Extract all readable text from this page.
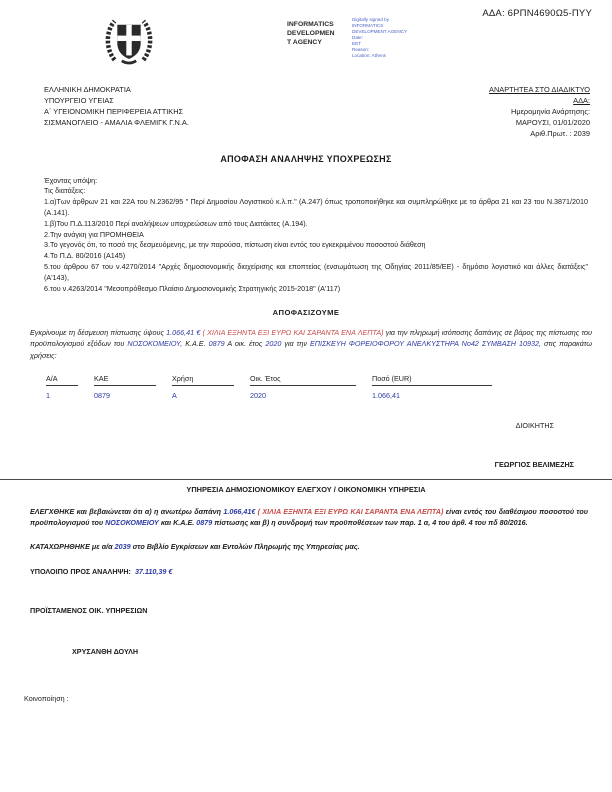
ΑΔΑ: 6ΡΠΝ4690Ω5-ΠΥΥ
INFORMATICS
DEVELOPMEN
T AGENCY
Digitally signed by
INFORMATICS
DEVELOPMENT AGENCY
Date:
EET
Reason:
Location: Athens
ΕΛΛΗΝΙΚΗ ΔΗΜΟΚΡΑΤΙΑ
ΥΠΟΥΡΓΕΙΟ ΥΓΕΙΑΣ
Α΄ ΥΓΕΙΟΝΟΜΙΚΗ ΠΕΡΙΦΕΡΕΙΑ ΑΤΤΙΚΗΣ
ΣΙΣΜΑΝΟΓΛΕΙΟ - ΑΜΑΛΙΑ ΦΛΕΜΙΓΚ Γ.Ν.Α.
ΑΝΑΡΤΗΤΕΑ ΣΤΟ ΔΙΑΔΙΚΤΥΟ
ΑΔΑ:
Ημερομηνία Ανάρτησης:
ΜΑΡΟΥΣΙ, 01/01/2020
Αριθ.Πρωτ. : 2039
ΑΠΟΦΑΣΗ ΑΝΑΛΗΨΗΣ ΥΠΟΧΡΕΩΣΗΣ

Έχοντας υπόψη:

Τις διατάξεις:

1.α)Των άρθρων 21 και 22Α του Ν.2362/95 " Περί Δημοσίου Λογιστικού κ.λ.π." (Α.247) όπως τροποποιήθηκε και συμπληρώθηκε με τα άρθρα 21 και 23 του Ν.3871/2010 (Α.141).

1.β)Του Π.Δ.113/2010 Περί αναλήψεων υποχρεώσεων από τους Διατάκτες (Α.194).

2.Την ανάγκη για ΠΡΟΜΗΘΕΙΑ

3.Το γεγονός ότι, το ποσό της δεσμευόμενης, με την παρούσα, πίστωση είναι εντός του εγκεκριμένου ποσοστού διάθεση

4.Το Π.Δ. 80/2016 (Α145)

5.του άρθρου 67 του ν.4270/2014 "Αρχές δημοσιονομικής διαχείρισης και εποπτείας (ενσωμάτωση της Οδηγίας 2011/85/ΕΕ) - δημόσιο λογιστικό και άλλες διατάξεις" (Α'143),

6.του ν.4263/2014 "Μεσοπρόθεσμο Πλαίσιο Δημοσιονομικής Στρατηγικής 2015-2018" (Α'117)

ΑΠΟΦΑΣΙΖΟΥΜΕ

Εγκρίνουμε τη δέσμευση πίστωσης ύψους 1.066,41 € ( ΧΙΛΙΑ ΕΞΗΝΤΑ ΕΞΙ ΕΥΡΩ ΚΑΙ ΣΑΡΑΝΤΑ ΕΝΑ ΛΕΠΤΑ) για την πληρωμή ισόποσης δαπάνης σε βάρος της πίστωσης του προϋπολογισμού εξόδων του ΝΟΣΟΚΟΜΕΙΟΥ, Κ.Α.Ε. 0879 Α οικ. έτος 2020 για την ΕΠΙΣΚΕΥΗ ΦΟΡΕΙΟΦΟΡΟΥ ΑΝΕΛΚΥΣΤΗΡΑ Νο42 ΣΥΜΒΑΣΗ 10932, στις παρακάτω χρήσεις:

Α/Α	ΚΑΕ	Χρήση	Οικ. Έτος	Ποσό (EUR)
1	0879	Α	2020	1.066,41
ΔΙΟΙΚΗΤΗΣ
ΓΕΩΡΓΙΟΣ ΒΕΛΙΜΕΖΗΣ
ΥΠΗΡΕΣΙΑ ΔΗΜΟΣΙΟΝΟΜΙΚΟΥ ΕΛΕΓΧΟΥ / ΟΙΚΟΝΟΜΙΚΗ ΥΠΗΡΕΣΙΑ

ΕΛΕΓΧΘΗΚΕ και βεβαιώνεται ότι α) η ανωτέρω δαπάνη 1.066,41€ ( ΧΙΛΙΑ ΕΞΗΝΤΑ ΕΞΙ ΕΥΡΩ ΚΑΙ ΣΑΡΑΝΤΑ ΕΝΑ ΛΕΠΤΑ) είναι εντός του διαθέσιμου ποσοστού του προϋπολογισμού του ΝΟΣΟΚΟΜΕΙΟΥ και Κ.Α.Ε. 0879 πίστωσης και β) η συνδρομή των προϋποθέσεων των παρ. 1 α, 4 του άρθ. 4 του πδ 80/2016.

ΚΑΤΑΧΩΡΗΘΗΚΕ με α/α 2039 στο Βιβλίο Εγκρίσεων και Εντολών Πληρωμής της Υπηρεσίας μας.

ΥΠΟΛΟΙΠΟ ΠΡΟΣ ΑΝΑΛΗΨΗ: 37.110,39 €

ΠΡΟΪΣΤΑΜΕΝΟΣ ΟΙΚ. ΥΠΗΡΕΣΙΩΝ
ΧΡΥΣΑΝΘΗ ΔΟΥΛΗ
Κοινοποίηση :
